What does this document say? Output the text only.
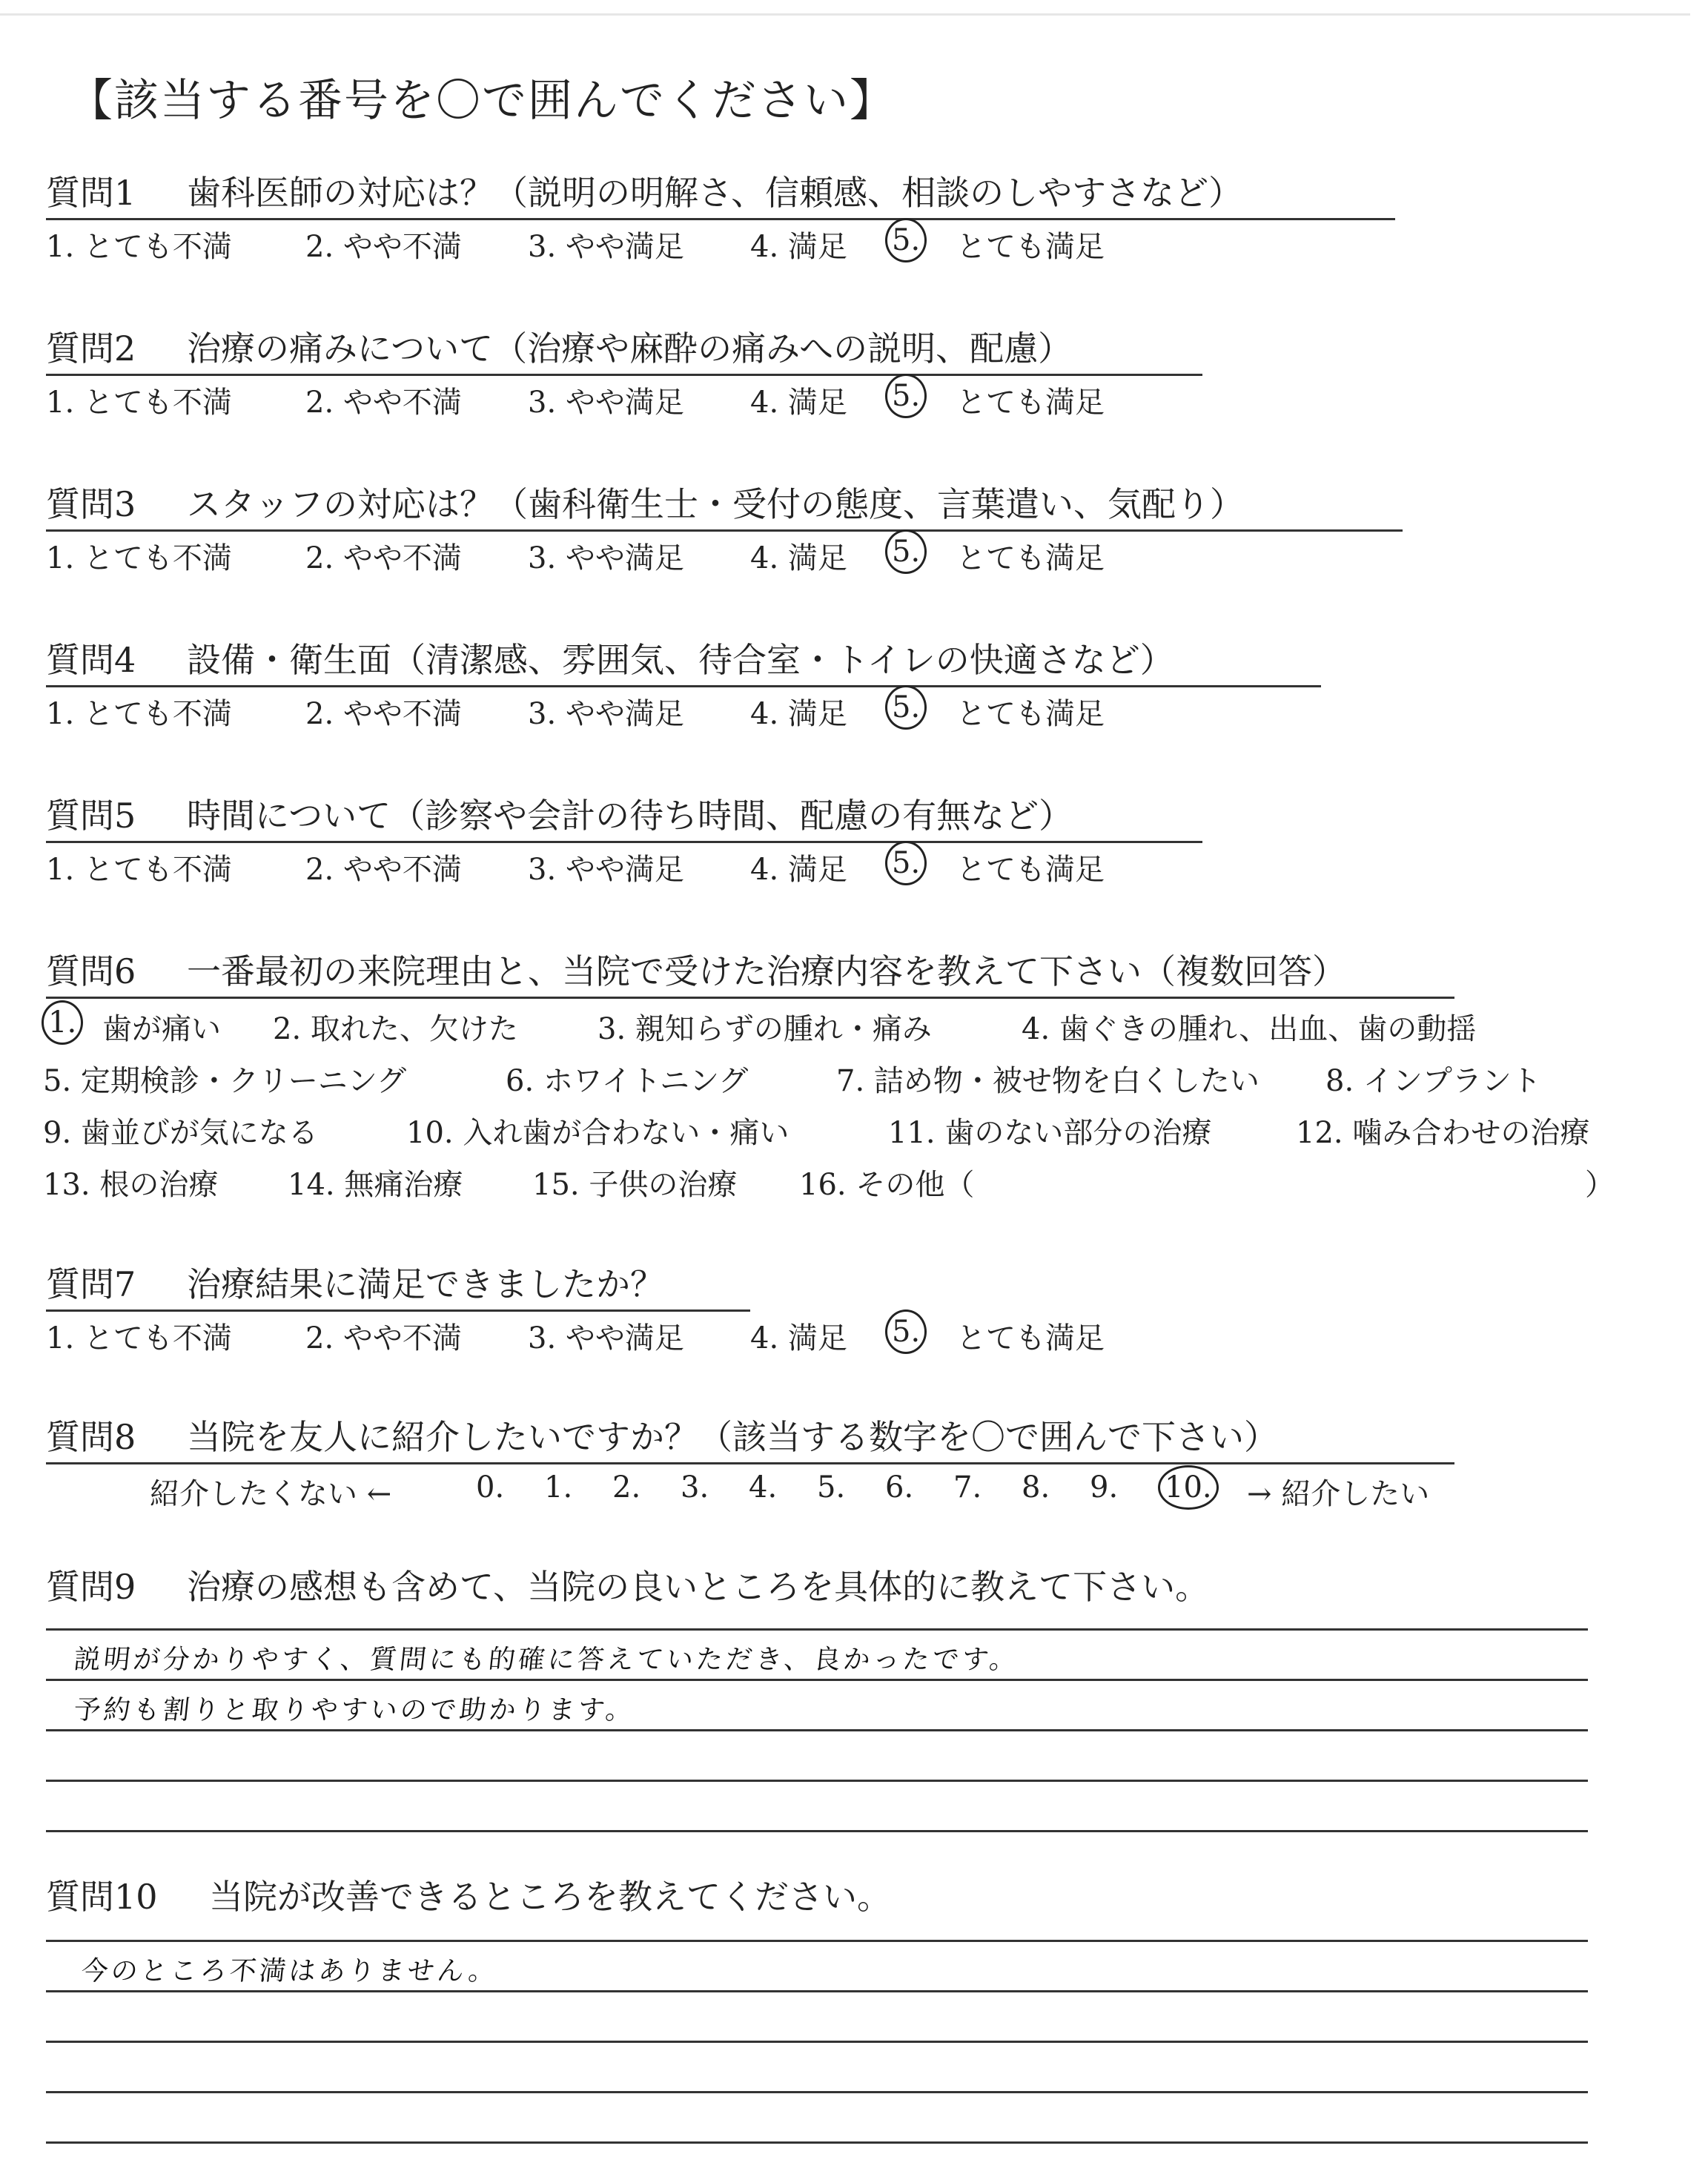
【該当する番号を〇で囲んでください】
質問1 歯科医師の対応は？（説明の明解さ、信頼感、相談のしやすさなど）
1. とても不満 2. やや不満 3. やや満足 4. 満足 5. とても満足
質問2 治療の痛みについて（治療や麻酔の痛みへの説明、配慮）
1. とても不満 2. やや不満 3. やや満足 4. 満足 5. とても満足
質問3 スタッフの対応は？（歯科衛生士・受付の態度、言葉遣い、気配り）
1. とても不満 2. やや不満 3. やや満足 4. 満足 5. とても満足
質問4 設備・衛生面（清潔感、雰囲気、待合室・トイレの快適さなど）
1. とても不満 2. やや不満 3. やや満足 4. 満足 5. とても満足
質問5 時間について（診察や会計の待ち時間、配慮の有無など）
1. とても不満 2. やや不満 3. やや満足 4. 満足 5. とても満足
質問6 一番最初の来院理由と、当院で受けた治療内容を教えて下さい（複数回答）
1. 歯が痛い 2. 取れた、欠けた	3. 親知らずの腫れ・痛み	4. 歯ぐきの腫れ、出血、歯の動揺
5. 定期検診・クリーニング	6. ホワイトニング	7. 詰め物・被せ物を白くしたい 8. インプラント
9. 歯並びが気になる	10. 入れ歯が合わない・痛い	11. 歯のない部分の治療	12. 噛み合わせの治療
13. 根の治療 14. 無痛治療 15. 子供の治療 16. その他（	）
質問7 治療結果に満足できましたか？
1. とても不満 2. やや不満 3. やや満足 4. 満足 5. とても満足
質問8 当院を友人に紹介したいですか？（該当する数字を〇で囲んで下さい）
紹介したくない ←	0. 1. 2. 3. 4. 5. 6. 7. 8. 9. 10. → 紹介したい
質問9 治療の感想も含めて、当院の良いところを具体的に教えて下さい。
説明が分かりやすく、質問にも的確に答えていただき、良かったです。
予約も割りと取りやすいので助かります。
質問10 当院が改善できるところを教えてください。
今のところ不満はありません。
